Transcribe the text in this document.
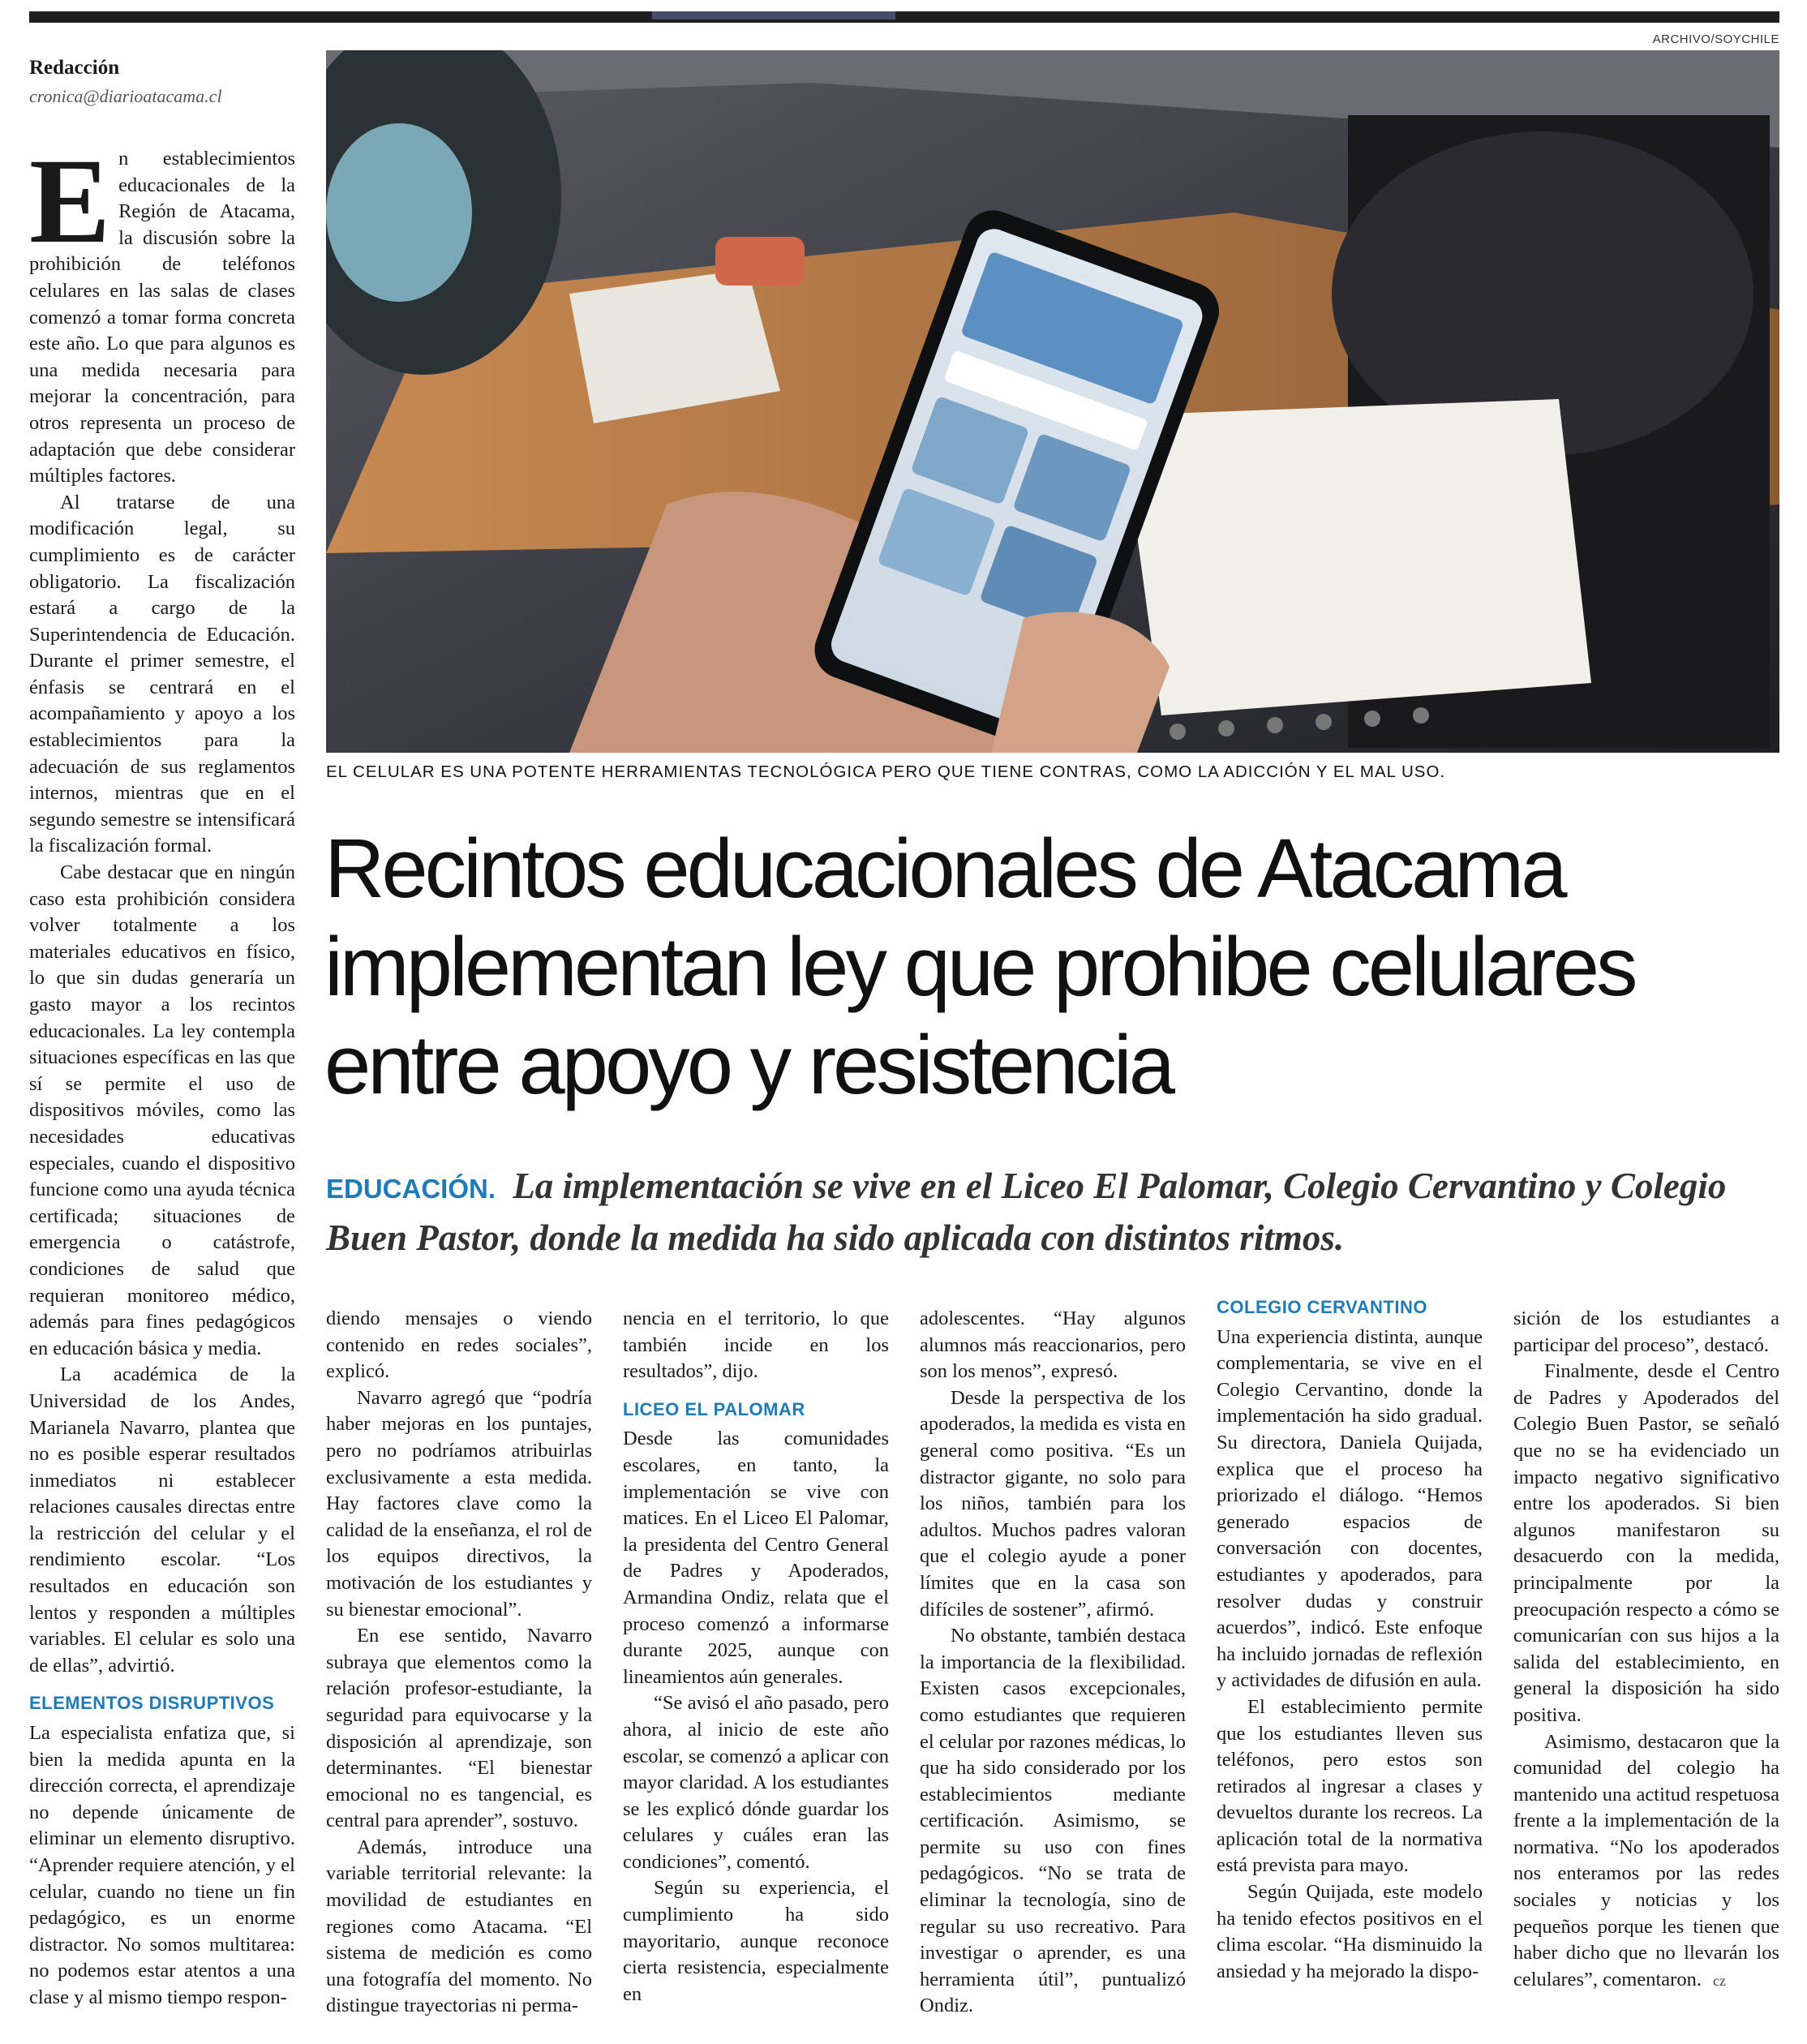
Redacción
cronica@diarioatacama.cl
ARCHIVO/SOYCHILE
EL CELULAR ES UNA POTENTE HERRAMIENTAS TECNOLÓGICA PERO QUE TIENE CONTRAS, COMO LA ADICCIÓN Y EL MAL USO.
Recintos educacionales de Atacama implementan ley que prohibe celulares entre apoyo y resistencia

EDUCACIÓN. La implementación se vive en el Liceo El Palomar, Colegio Cervantino y Colegio Buen Pastor, donde la medida ha sido aplicada con distintos ritmos.

En establecimientos educacionales de la Región de Atacama, la discusión sobre la prohibición de teléfonos celulares en las salas de clases comenzó a tomar forma concreta este año. Lo que para algunos es una medida necesaria para mejorar la concentración, para otros representa un proceso de adaptación que debe considerar múltiples factores.

Al tratarse de una modificación legal, su cumplimiento es de carácter obligatorio. La fiscalización estará a cargo de la Superintendencia de Educación. Durante el primer semestre, el énfasis se centrará en el acompañamiento y apoyo a los establecimientos para la adecuación de sus reglamentos internos, mientras que en el segundo semestre se intensificará la fiscalización formal.

Cabe destacar que en ningún caso esta prohibición considera volver totalmente a los materiales educativos en físico, lo que sin dudas generaría un gasto mayor a los recintos educacionales. La ley contempla situaciones específicas en las que sí se permite el uso de dispositivos móviles, como las necesidades educativas especiales, cuando el dispositivo funcione como una ayuda técnica certificada; situaciones de emergencia o catástrofe, condiciones de salud que requieran monitoreo médico, además para fines pedagógicos en educación básica y media.

La académica de la Universidad de los Andes, Marianela Navarro, plantea que no es posible esperar resultados inmediatos ni establecer relaciones causales directas entre la restricción del celular y el rendimiento escolar. “Los resultados en educación son lentos y responden a múltiples variables. El celular es solo una de ellas”, advirtió.

ELEMENTOS DISRUPTIVOS

La especialista enfatiza que, si bien la medida apunta en la dirección correcta, el aprendizaje no depende únicamente de eliminar un elemento disruptivo. “Aprender requiere atención, y el celular, cuando no tiene un fin pedagógico, es un enorme distractor. No somos multitarea: no podemos estar atentos a una clase y al mismo tiempo respon-

diendo mensajes o viendo contenido en redes sociales”, explicó.

Navarro agregó que “podría haber mejoras en los puntajes, pero no podríamos atribuirlas exclusivamente a esta medida. Hay factores clave como la calidad de la enseñanza, el rol de los equipos directivos, la motivación de los estudiantes y su bienestar emocional”.

En ese sentido, Navarro subraya que elementos como la relación profesor-estudiante, la seguridad para equivocarse y la disposición al aprendizaje, son determinantes. “El bienestar emocional no es tangencial, es central para aprender”, sostuvo.

Además, introduce una variable territorial relevante: la movilidad de estudiantes en regiones como Atacama. “El sistema de medición es como una fotografía del momento. No distingue trayectorias ni perma-

nencia en el territorio, lo que también incide en los resultados”, dijo.

LICEO EL PALOMAR

Desde las comunidades escolares, en tanto, la implementación se vive con matices. En el Liceo El Palomar, la presidenta del Centro General de Padres y Apoderados, Armandina Ondiz, relata que el proceso comenzó a informarse durante 2025, aunque con lineamientos aún generales.

“Se avisó el año pasado, pero ahora, al inicio de este año escolar, se comenzó a aplicar con mayor claridad. A los estudiantes se les explicó dónde guardar los celulares y cuáles eran las condiciones”, comentó.

Según su experiencia, el cumplimiento ha sido mayoritario, aunque reconoce cierta resistencia, especialmente en

adolescentes. “Hay algunos alumnos más reaccionarios, pero son los menos”, expresó.

Desde la perspectiva de los apoderados, la medida es vista en general como positiva. “Es un distractor gigante, no solo para los niños, también para los adultos. Muchos padres valoran que el colegio ayude a poner límites que en la casa son difíciles de sostener”, afirmó.

No obstante, también destaca la importancia de la flexibilidad. Existen casos excepcionales, como estudiantes que requieren el celular por razones médicas, lo que ha sido considerado por los establecimientos mediante certificación. Asimismo, se permite su uso con fines pedagógicos. “No se trata de eliminar la tecnología, sino de regular su uso recreativo. Para investigar o aprender, es una herramienta útil”, puntualizó Ondiz.

COLEGIO CERVANTINO

Una experiencia distinta, aunque complementaria, se vive en el Colegio Cervantino, donde la implementación ha sido gradual. Su directora, Daniela Quijada, explica que el proceso ha priorizado el diálogo. “Hemos generado espacios de conversación con docentes, estudiantes y apoderados, para resolver dudas y construir acuerdos”, indicó. Este enfoque ha incluido jornadas de reflexión y actividades de difusión en aula.

El establecimiento permite que los estudiantes lleven sus teléfonos, pero estos son retirados al ingresar a clases y devueltos durante los recreos. La aplicación total de la normativa está prevista para mayo.

Según Quijada, este modelo ha tenido efectos positivos en el clima escolar. “Ha disminuido la ansiedad y ha mejorado la dispo-

sición de los estudiantes a participar del proceso”, destacó.

Finalmente, desde el Centro de Padres y Apoderados del Colegio Buen Pastor, se señaló que no se ha evidenciado un impacto negativo significativo entre los apoderados. Si bien algunos manifestaron su desacuerdo con la medida, principalmente por la preocupación respecto a cómo se comunicarían con sus hijos a la salida del establecimiento, en general la disposición ha sido positiva.

Asimismo, destacaron que la comunidad del colegio ha mantenido una actitud respetuosa frente a la implementación de la normativa. “No los apoderados nos enteramos por las redes sociales y noticias y los pequeños porque les tienen que haber dicho que no llevarán los celulares”, comentaron. cz
